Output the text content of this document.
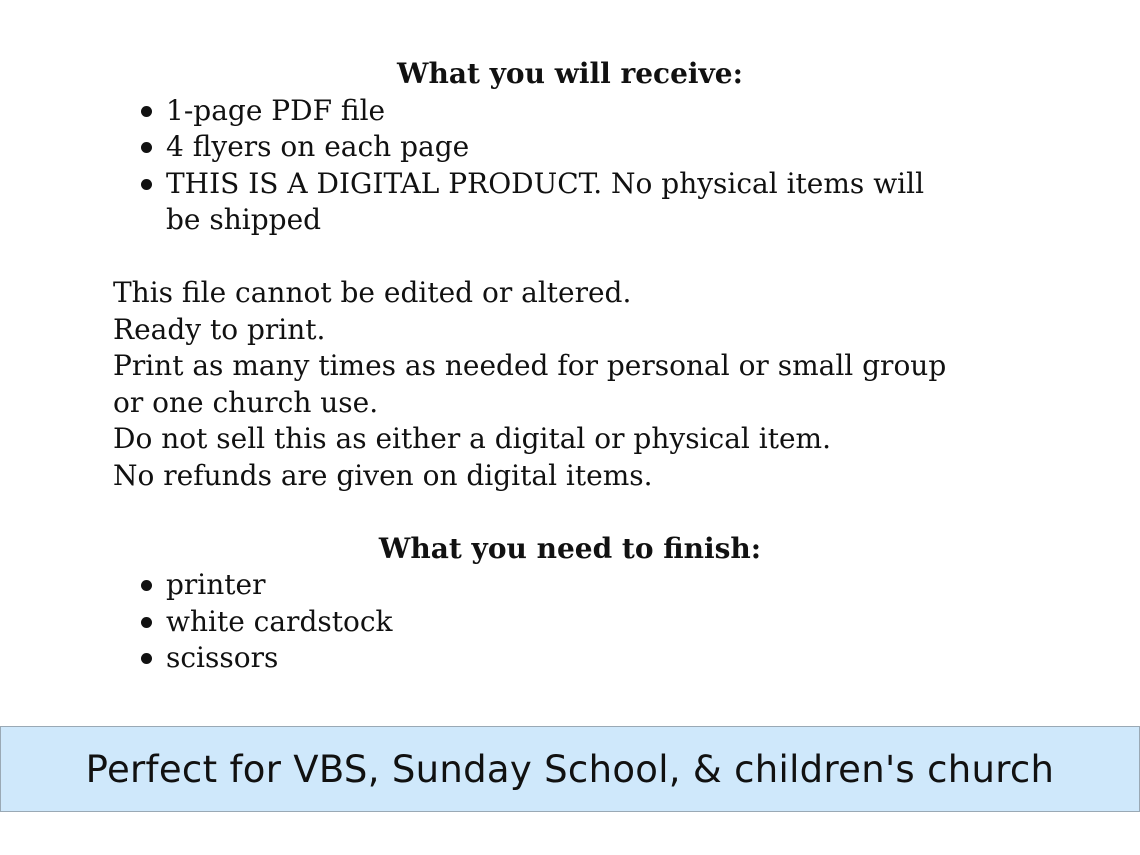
What you will receive:
1-page PDF file
4 flyers on each page
THIS IS A DIGITAL PRODUCT. No physical items will be shipped
This file cannot be edited or altered.
Ready to print.
Print as many times as needed for personal or small group or one church use.
Do not sell this as either a digital or physical item.
No refunds are given on digital items.
What you need to finish:
printer
white cardstock
scissors
Perfect for VBS, Sunday School, & children's church
